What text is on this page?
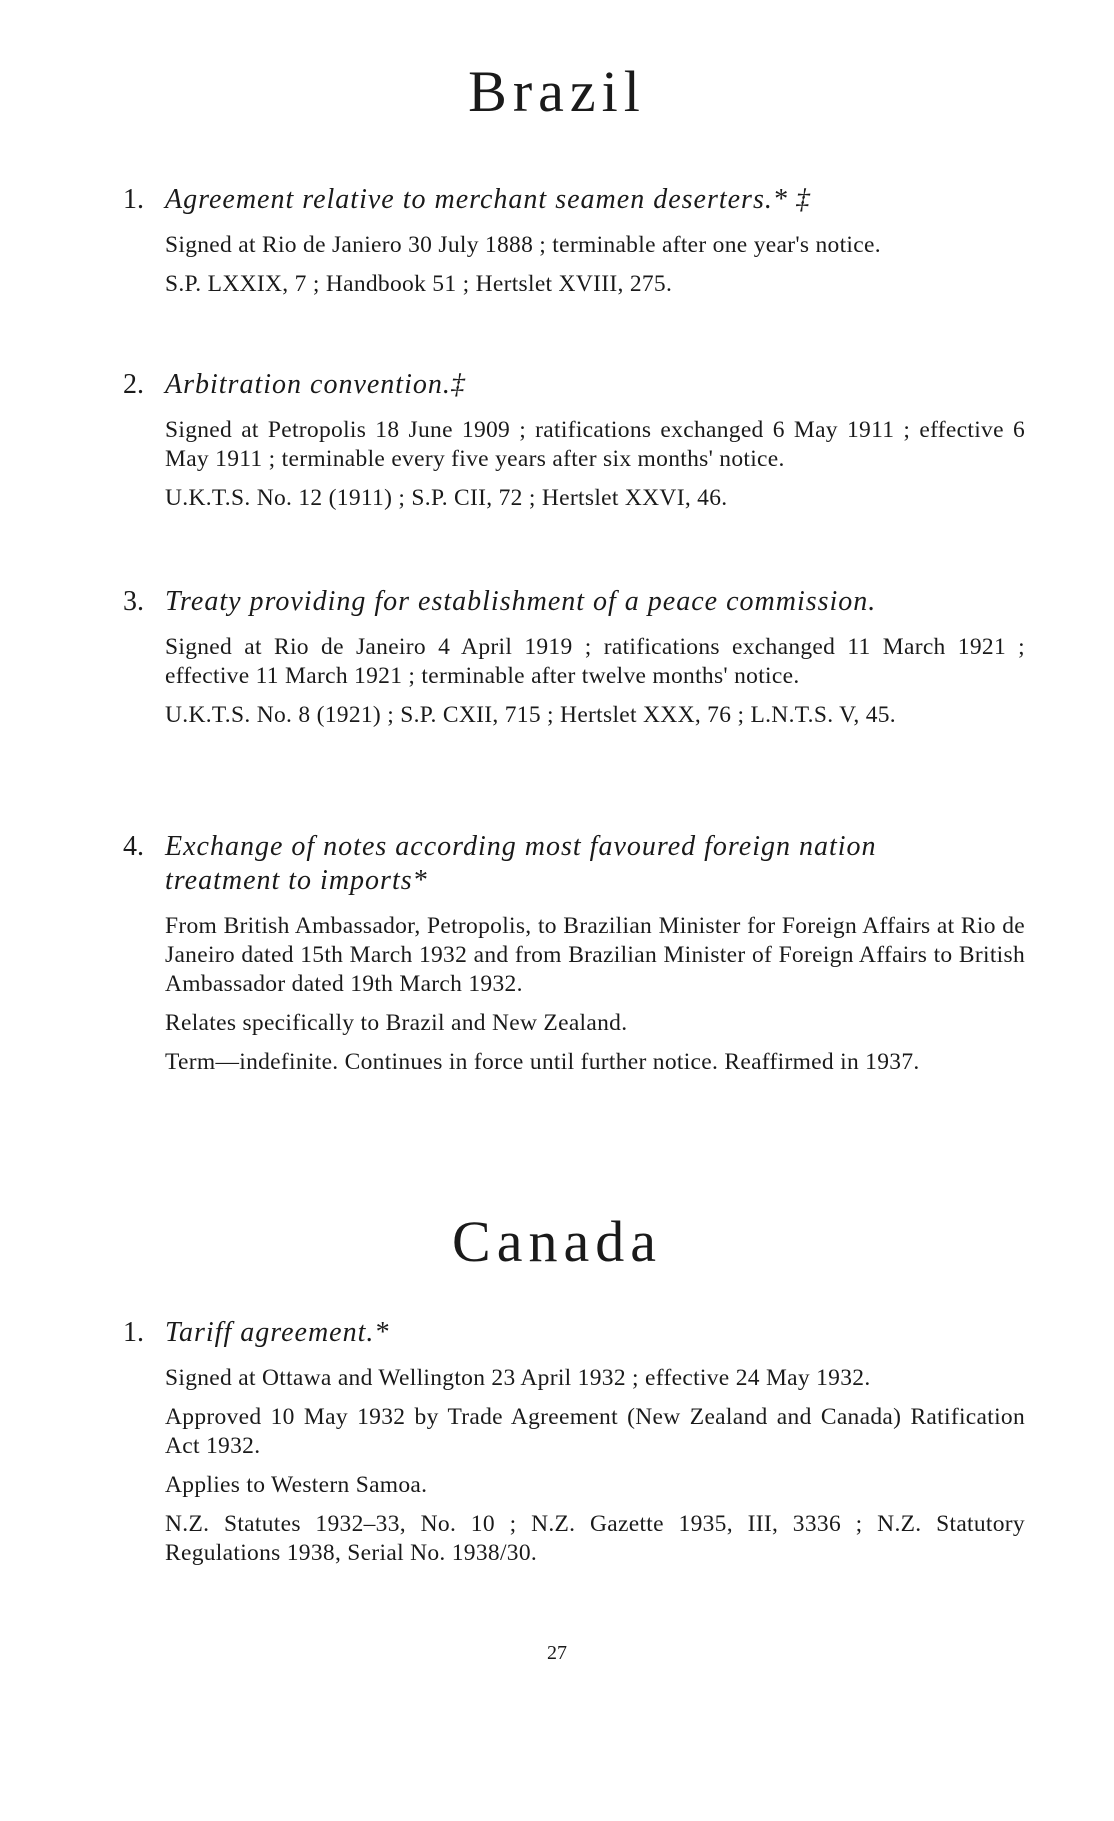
Brazil
1. Agreement relative to merchant seamen deserters.* ‡

Signed at Rio de Janiero 30 July 1888 ; terminable after one year's notice.

S.P. LXXIX, 7 ; Handbook 51 ; Hertslet XVIII, 275.

2. Arbitration convention.‡

Signed at Petropolis 18 June 1909 ; ratifications exchanged 6 May 1911 ; effective 6 May 1911 ; terminable every five years after six months' notice.

U.K.T.S. No. 12 (1911) ; S.P. CII, 72 ; Hertslet XXVI, 46.

3. Treaty providing for establishment of a peace commission.

Signed at Rio de Janeiro 4 April 1919 ; ratifications exchanged 11 March 1921 ; effective 11 March 1921 ; terminable after twelve months' notice.

U.K.T.S. No. 8 (1921) ; S.P. CXII, 715 ; Hertslet XXX, 76 ; L.N.T.S. V, 45.

4. Exchange of notes according most favoured foreign nation treatment to imports*

From British Ambassador, Petropolis, to Brazilian Minister for Foreign Affairs at Rio de Janeiro dated 15th March 1932 and from Brazilian Minister of Foreign Affairs to British Ambassador dated 19th March 1932.

Relates specifically to Brazil and New Zealand.

Term—indefinite. Continues in force until further notice. Reaffirmed in 1937.

Canada
1. Tariff agreement.*

Signed at Ottawa and Wellington 23 April 1932 ; effective 24 May 1932.

Approved 10 May 1932 by Trade Agreement (New Zealand and Canada) Ratification Act 1932.

Applies to Western Samoa.

N.Z. Statutes 1932–33, No. 10 ; N.Z. Gazette 1935, III, 3336 ; N.Z. Statutory Regulations 1938, Serial No. 1938/30.

27
